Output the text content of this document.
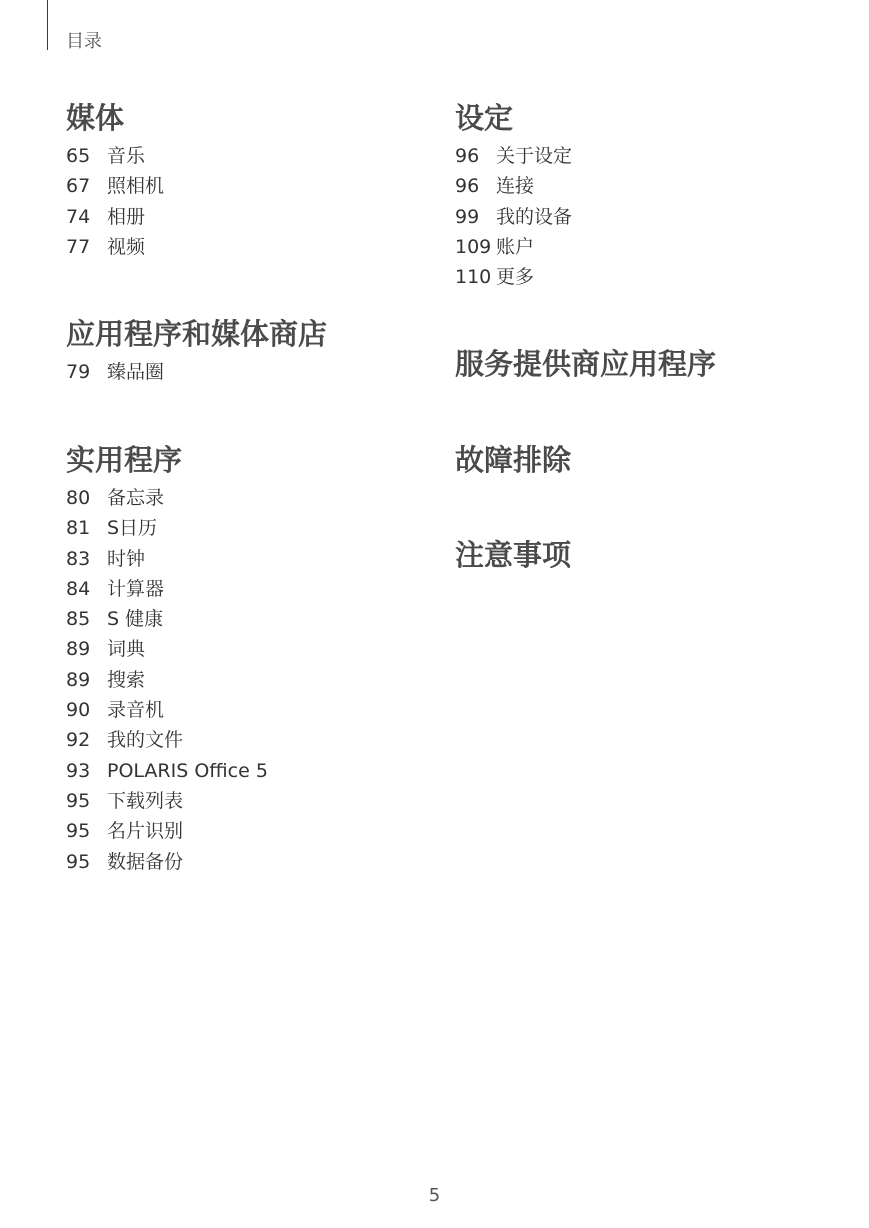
目录
媒体
65 音乐
67 照相机
74 相册
77 视频
应用程序和媒体商店
79 臻品圈
实用程序
80 备忘录
81 S日历
83 时钟
84 计算器
85 S 健康
89 词典
89 搜索
90 录音机
92 我的文件
93 POLARIS Office 5
95 下载列表
95 名片识别
95 数据备份
设定
96 关于设定
96 连接
99 我的设备
109 账户
110 更多
服务提供商应用程序
故障排除
注意事项
5
